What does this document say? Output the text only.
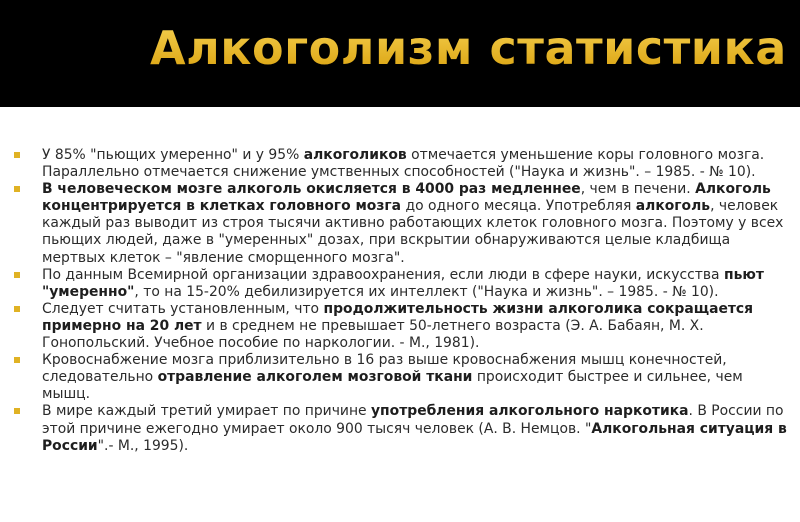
Алкоголизм статистика
У 85% "пьющих умеренно" и у 95% алкоголиков отмечается уменьшение коры головного мозга. Параллельно отмечается снижение умственных способностей ("Наука и жизнь". – 1985. - № 10).
В человеческом мозге алкоголь окисляется в 4000 раз медленнее, чем в печени. Алкоголь концентрируется в клетках головного мозга до одного месяца. Употребляя алкоголь, человек каждый раз выводит из строя тысячи активно работающих клеток головного мозга. Поэтому у всех пьющих людей, даже в "умеренных" дозах, при вскрытии обнаруживаются целые кладбища мертвых клеток – "явление сморщенного мозга".
По данным Всемирной организации здравоохранения, если люди в сфере науки, искусства пьют "умеренно", то на 15-20% дебилизируется их интеллект ("Наука и жизнь". – 1985. - № 10).
Следует считать установленным, что продолжительность жизни алкоголика сокращается примерно на 20 лет и в среднем не превышает 50-летнего возраста (Э. А. Бабаян, М. Х. Гонопольский. Учебное пособие по наркологии. - М., 1981).
Кровоснабжение мозга приблизительно в 16 раз выше кровоснабжения мышц конечностей, следовательно отравление алкоголем мозговой ткани происходит быстрее и сильнее, чем мышц.
В мире каждый третий умирает по причине употребления алкогольного наркотика. В России по этой причине ежегодно умирает около 900 тысяч человек (А. В. Немцов. "Алкогольная ситуация в России".- М., 1995).
